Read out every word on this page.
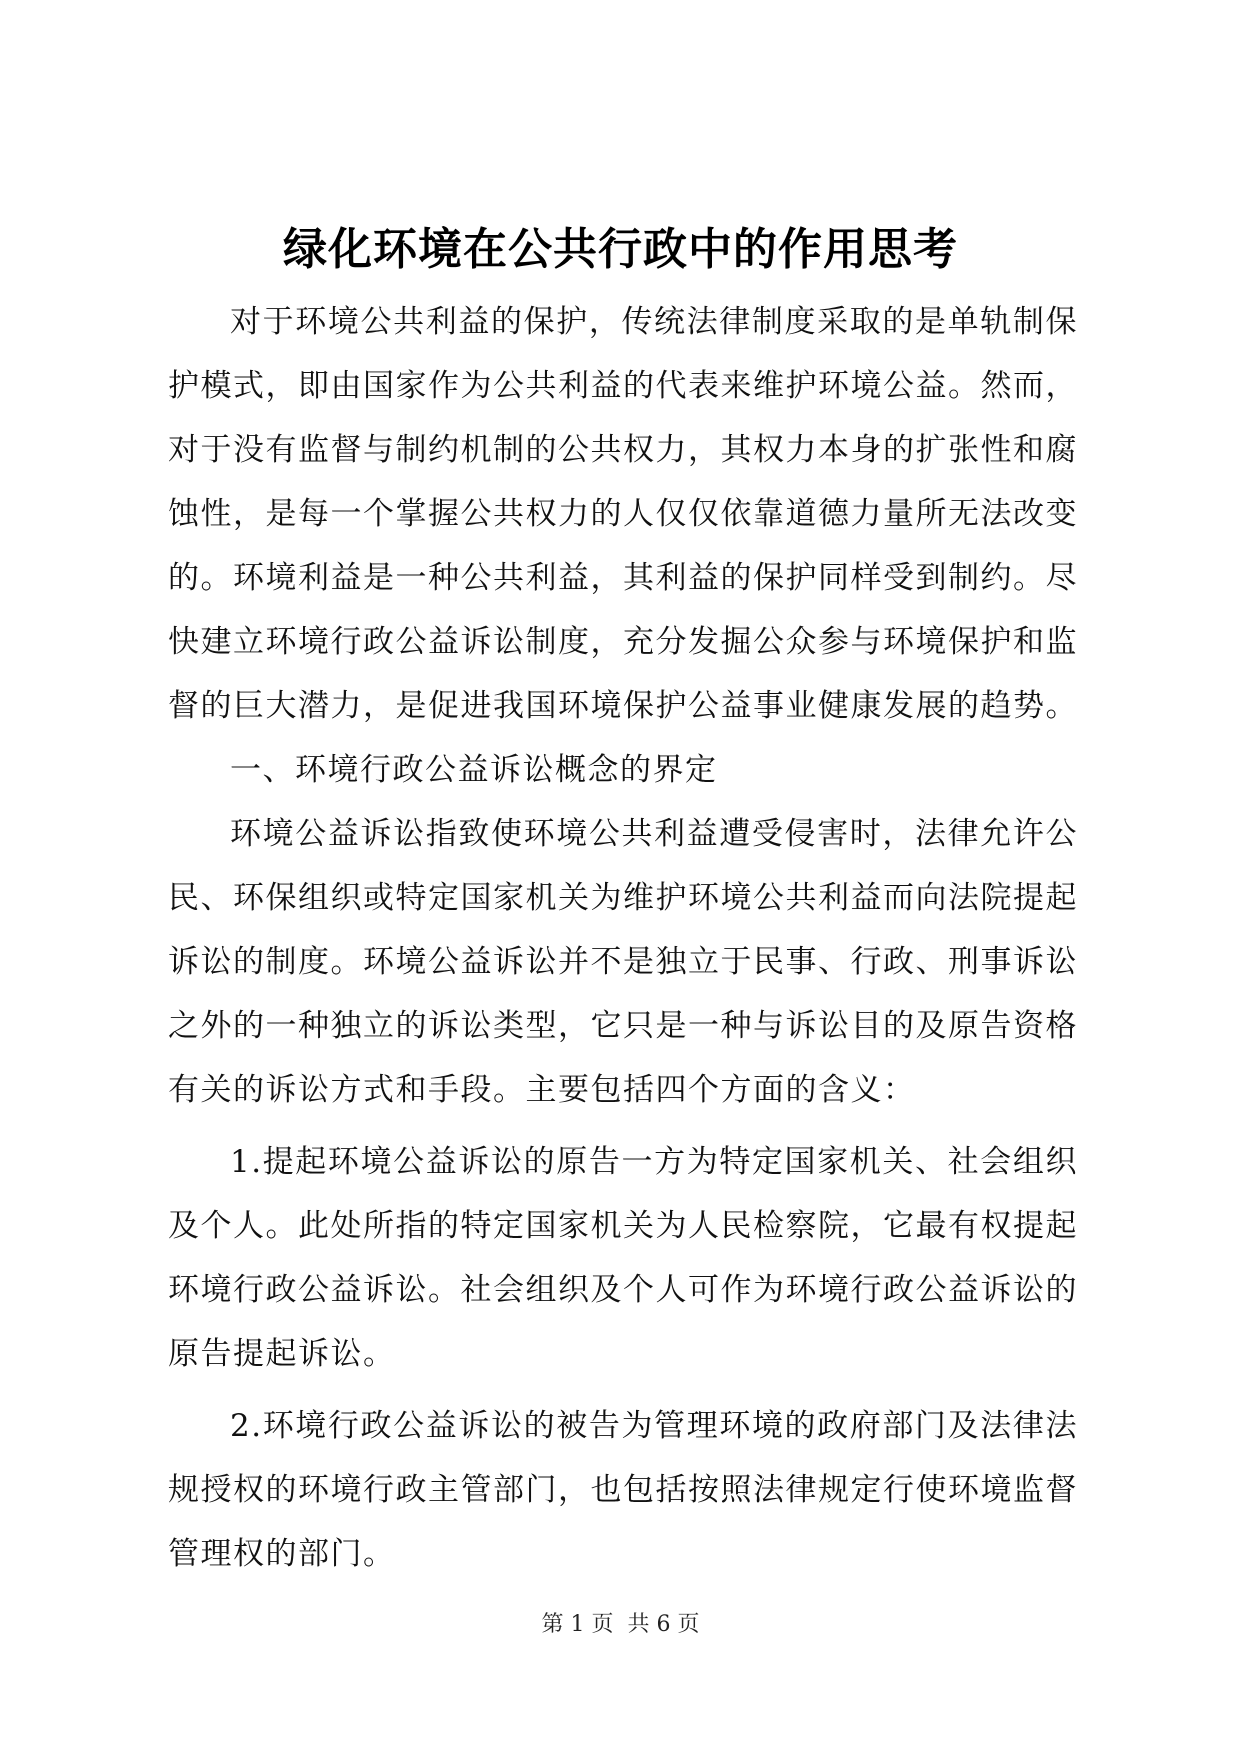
绿化环境在公共行政中的作用思考

对于环境公共利益的保护，传统法律制度采取的是单轨制保护模式，即由国家作为公共利益的代表来维护环境公益。然而，对于没有监督与制约机制的公共权力，其权力本身的扩张性和腐蚀性，是每一个掌握公共权力的人仅仅依靠道德力量所无法改变的。环境利益是一种公共利益，其利益的保护同样受到制约。尽快建立环境行政公益诉讼制度，充分发掘公众参与环境保护和监督的巨大潜力，是促进我国环境保护公益事业健康发展的趋势。

一、环境行政公益诉讼概念的界定

环境公益诉讼指致使环境公共利益遭受侵害时，法律允许公民、环保组织或特定国家机关为维护环境公共利益而向法院提起诉讼的制度。环境公益诉讼并不是独立于民事、行政、刑事诉讼之外的一种独立的诉讼类型，它只是一种与诉讼目的及原告资格有关的诉讼方式和手段。主要包括四个方面的含义：

1.提起环境公益诉讼的原告一方为特定国家机关、社会组织及个人。此处所指的特定国家机关为人民检察院，它最有权提起环境行政公益诉讼。社会组织及个人可作为环境行政公益诉讼的原告提起诉讼。

2.环境行政公益诉讼的被告为管理环境的政府部门及法律法规授权的环境行政主管部门，也包括按照法律规定行使环境监督管理权的部门。

第 1 页  共 6 页
